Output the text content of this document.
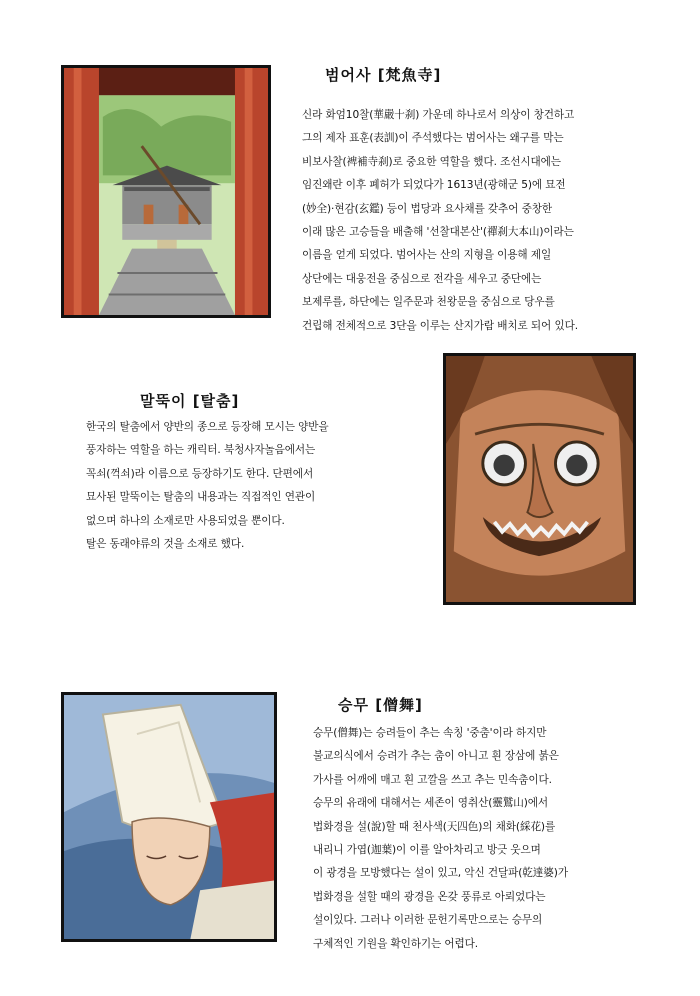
범어사 [梵魚寺]
신라 화엄10찰(華嚴十刹) 가운데 하나로서 의상이 창건하고
그의 제자 표훈(表訓)이 주석했다는 범어사는 왜구를 막는
비보사찰(裨補寺刹)로 중요한 역할을 했다. 조선시대에는
임진왜란 이후 폐허가 되었다가 1613년(광해군 5)에 묘전
(妙全)·현감(玄鑑) 등이 법당과 요사채를 갖추어 중창한
이래 많은 고승들을 배출해 '선찰대본산'(禪刹大本山)이라는
이름을 얻게 되었다. 범어사는 산의 지형을 이용해 제일
상단에는 대웅전을 중심으로 전각을 세우고 중단에는
보제루를, 하단에는 일주문과 천왕문을 중심으로 당우를
건립해 전체적으로 3단을 이루는 산지가람 배치로 되어 있다.
말뚝이 [탈춤]
한국의 탈춤에서 양반의 종으로 등장해 모시는 양반을
풍자하는 역할을 하는 캐릭터. 북청사자놀음에서는
꼭쇠(꺽쇠)라 이름으로 등장하기도 한다. 단편에서
묘사된 말뚝이는 탈춤의 내용과는 직접적인 연관이
없으며 하나의 소재로만 사용되었을 뿐이다.
탈은 동래야류의 것을 소재로 했다.
승무 [僧舞]
승무(僧舞)는 승려들이 추는 속칭 '중춤'이라 하지만
불교의식에서 승려가 추는 춤이 아니고 흰 장삼에 붉은
가사를 어깨에 매고 흰 고깔을 쓰고 추는 민속춤이다.
승무의 유래에 대해서는 세존이 영취산(靈鷲山)에서
법화경을 설(說)할 때 천사색(天四色)의 채화(綵花)를
내리니 가엽(迦葉)이 이를 알아차리고 방긋 웃으며
이 광경을 모방했다는 설이 있고, 악신 건달파(乾達婆)가
법화경을 설할 때의 광경을 온갖 풍류로 아뢰었다는
설이있다. 그러나 이러한 문헌기록만으로는 승무의
구체적인 기원을 확인하기는 어렵다.
